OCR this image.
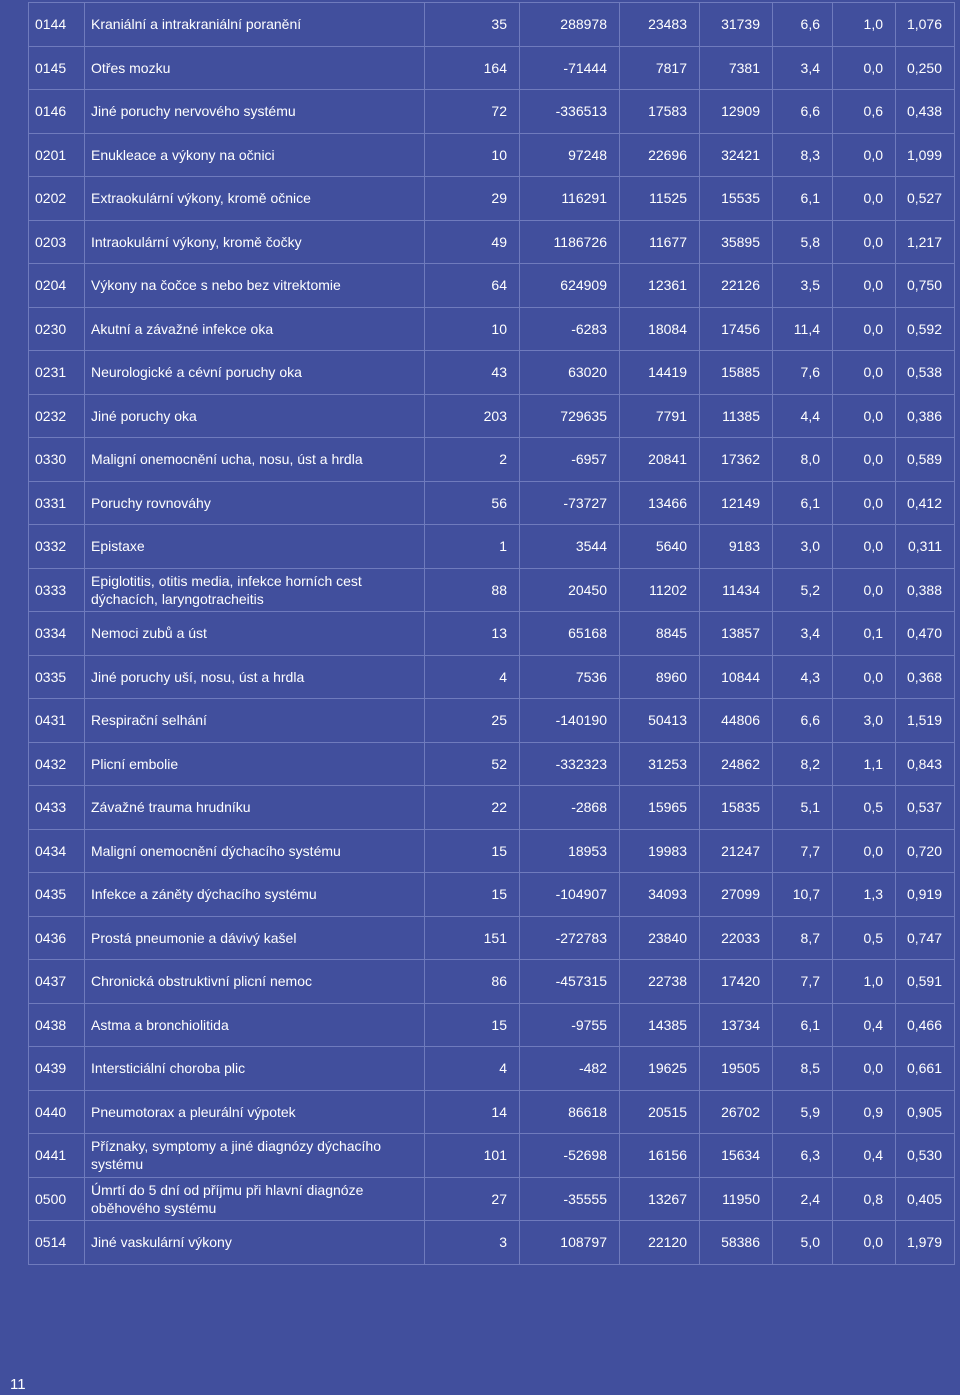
0144	Kraniální a intrakraniální poranění	35	288978	23483	31739	6,6	1,0	1,076
0145	Otřes mozku	164	-71444	7817	7381	3,4	0,0	0,250
0146	Jiné poruchy nervového systému	72	-336513	17583	12909	6,6	0,6	0,438
0201	Enukleace a výkony na očnici	10	97248	22696	32421	8,3	0,0	1,099
0202	Extraokulární výkony, kromě očnice	29	116291	11525	15535	6,1	0,0	0,527
0203	Intraokulární výkony, kromě čočky	49	1186726	11677	35895	5,8	0,0	1,217
0204	Výkony na čočce s nebo bez vitrektomie	64	624909	12361	22126	3,5	0,0	0,750
0230	Akutní a závažné infekce oka	10	-6283	18084	17456	11,4	0,0	0,592
0231	Neurologické a cévní poruchy oka	43	63020	14419	15885	7,6	0,0	0,538
0232	Jiné poruchy oka	203	729635	7791	11385	4,4	0,0	0,386
0330	Maligní onemocnění ucha, nosu, úst a hrdla	2	-6957	20841	17362	8,0	0,0	0,589
0331	Poruchy rovnováhy	56	-73727	13466	12149	6,1	0,0	0,412
0332	Epistaxe	1	3544	5640	9183	3,0	0,0	0,311
0333	Epiglotitis, otitis media, infekce horních cest dýchacích, laryngotracheitis	88	20450	11202	11434	5,2	0,0	0,388
0334	Nemoci zubů a úst	13	65168	8845	13857	3,4	0,1	0,470
0335	Jiné poruchy uší, nosu, úst a hrdla	4	7536	8960	10844	4,3	0,0	0,368
0431	Respirační selhání	25	-140190	50413	44806	6,6	3,0	1,519
0432	Plicní embolie	52	-332323	31253	24862	8,2	1,1	0,843
0433	Závažné trauma hrudníku	22	-2868	15965	15835	5,1	0,5	0,537
0434	Maligní onemocnění dýchacího systému	15	18953	19983	21247	7,7	0,0	0,720
0435	Infekce a záněty dýchacího systému	15	-104907	34093	27099	10,7	1,3	0,919
0436	Prostá pneumonie a dávivý kašel	151	-272783	23840	22033	8,7	0,5	0,747
0437	Chronická obstruktivní plicní nemoc	86	-457315	22738	17420	7,7	1,0	0,591
0438	Astma a bronchiolitida	15	-9755	14385	13734	6,1	0,4	0,466
0439	Intersticiální choroba plic	4	-482	19625	19505	8,5	0,0	0,661
0440	Pneumotorax a pleurální výpotek	14	86618	20515	26702	5,9	0,9	0,905
0441	Příznaky, symptomy a jiné diagnózy dýchacího systému	101	-52698	16156	15634	6,3	0,4	0,530
0500	Úmrtí do 5 dní od příjmu při hlavní diagnóze oběhového systému	27	-35555	13267	11950	2,4	0,8	0,405
0514	Jiné vaskulární výkony	3	108797	22120	58386	5,0	0,0	1,979
11
